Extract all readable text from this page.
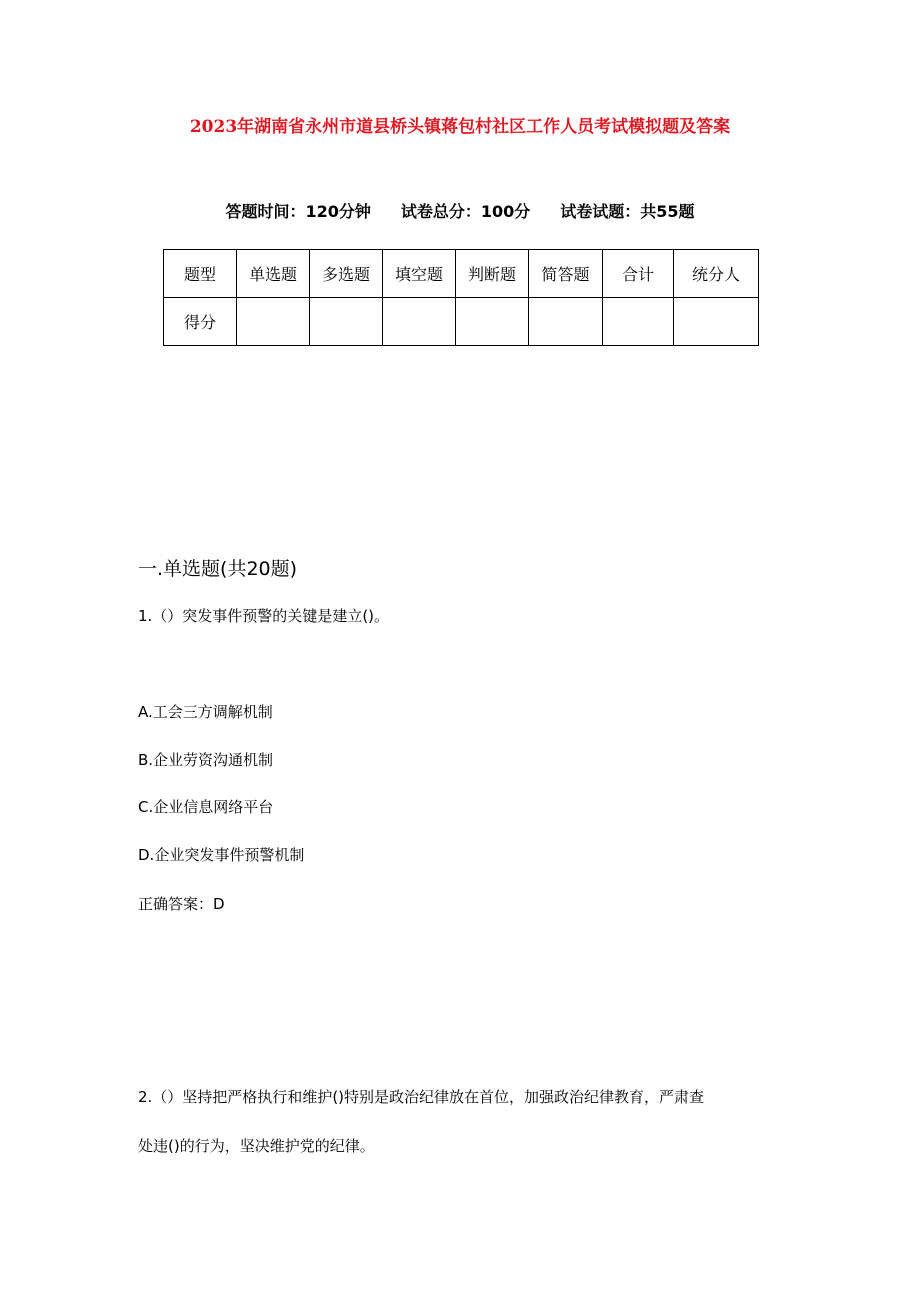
2023年湖南省永州市道县桥头镇蒋包村社区工作人员考试模拟题及答案
答题时间：120分钟 试卷总分：100分 试卷试题：共55题
题型	单选题	多选题	填空题	判断题	简答题	合计	统分人
得分							
一.单选题(共20题)
1.（）突发事件预警的关键是建立()。
A.工会三方调解机制
B.企业劳资沟通机制
C.企业信息网络平台
D.企业突发事件预警机制
正确答案：D
2.（）坚持把严格执行和维护()特别是政治纪律放在首位，加强政治纪律教育，严肃查
处违()的行为，坚决维护党的纪律。
